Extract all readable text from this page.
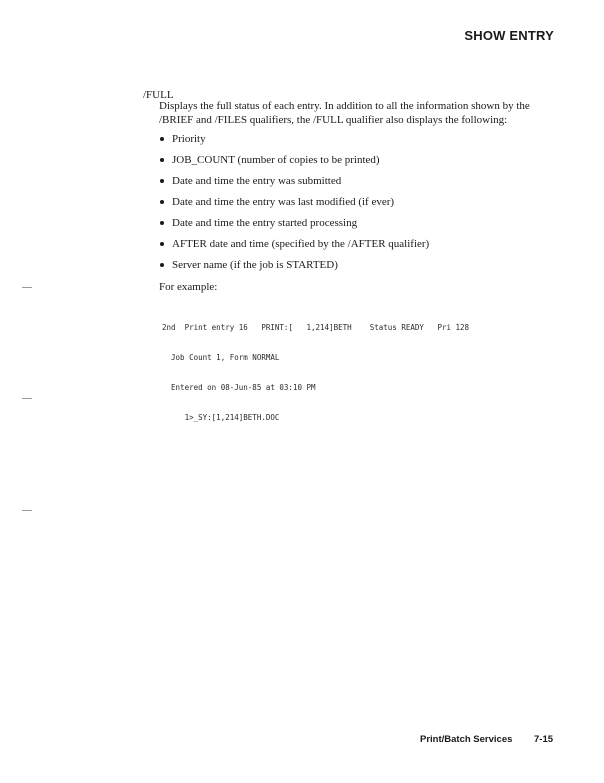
SHOW ENTRY
/FULL
Displays the full status of each entry. In addition to all the information shown by the /BRIEF and /FILES qualifiers, the /FULL qualifier also displays the following:
Priority
JOB_COUNT (number of copies to be printed)
Date and time the entry was submitted
Date and time the entry was last modified (if ever)
Date and time the entry started processing
AFTER date and time (specified by the /AFTER qualifier)
Server name (if the job is STARTED)
For example:

2nd  Print entry 16   PRINT:[   1,214]BETH    Status READY   Pri 128

Job Count 1, Form NORMAL

Entered on 08-Jun-85 at 03:10 PM

1>_SY:[1,214]BETH.DOC

Print/Batch Services 7-15
